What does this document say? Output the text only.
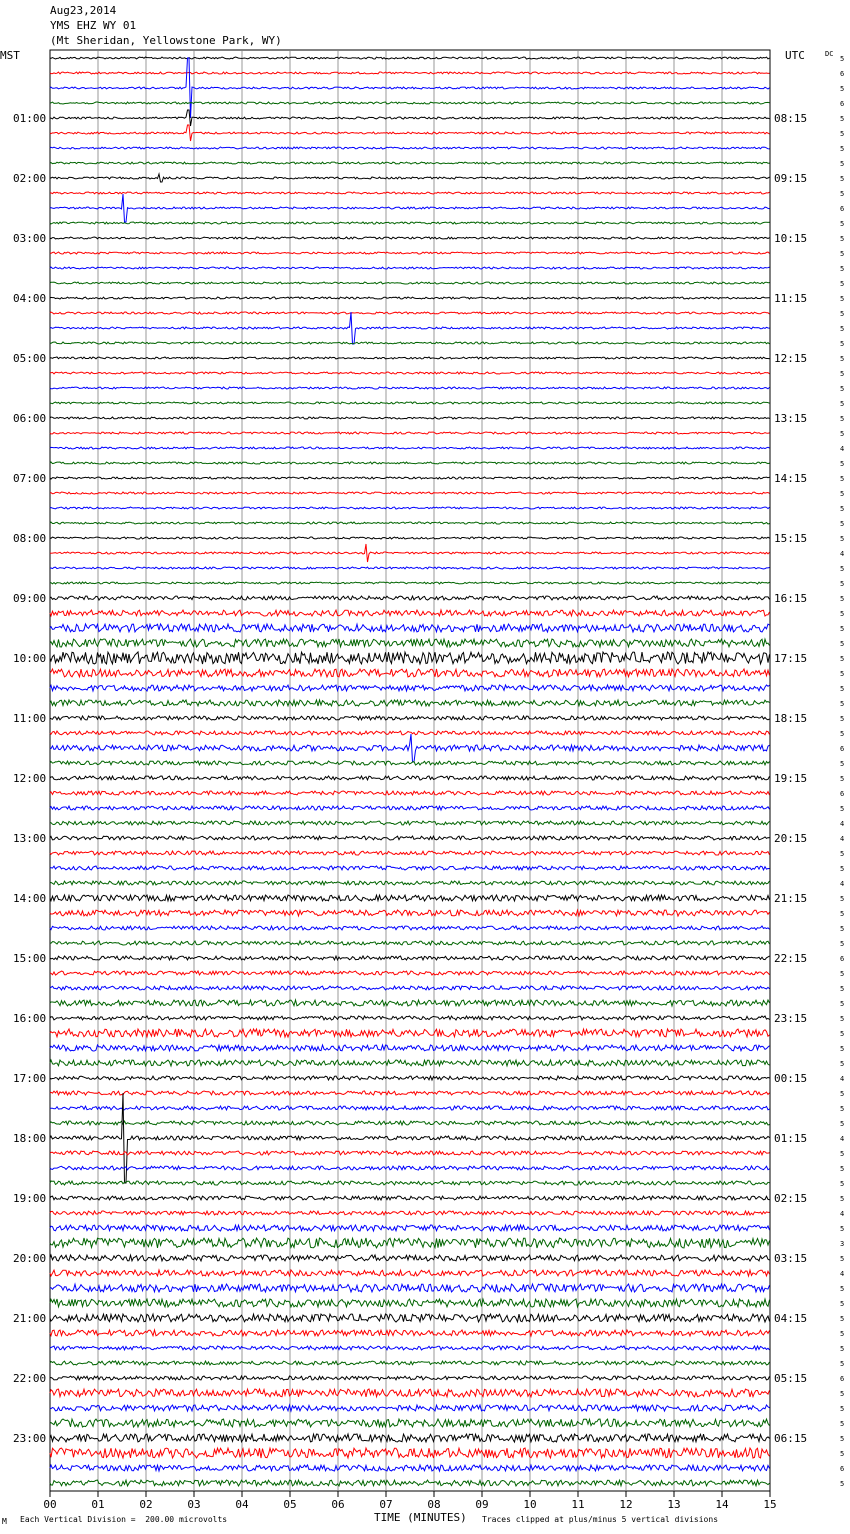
Aug23,2014
YMS EHZ WY 01
(Mt Sheridan, Yellowstone Park, WY)
MST	UTC	DC
00	01	02	03	04	05	06	07	08	09	10	11	12	13	14	15
5
6
5
6
5
5
5
5
5
5
6
5
5
5
5
5
5
5
5
5
5
5
5
5
5
5
4
5
5
5
5
5
5
4
5
5
5
5
5
5
5
5
5
5
5
5
6
5
5
6
5
4
4
5
5
4
5
5
5
5
6
5
5
5
5
5
5
5
4
5
5
5
4
5
5
5
5
4
5
3
5
4
5
5
5
5
5
5
6
5
5
5
5
5
6
5
01:00
02:00
03:00
04:00
05:00
06:00
07:00
08:00
09:00
10:00
11:00
12:00
13:00
14:00
15:00
16:00
17:00
18:00
19:00
20:00
21:00
22:00
23:00
08:15
09:15
10:15
11:15
12:15
13:15
14:15
15:15
16:15
17:15
18:15
19:15
20:15
21:15
22:15
23:15
00:15
01:15
02:15
03:15
04:15
05:15
06:15
M Each Vertical Division =  200.00 microvolts	TIME (MINUTES) Traces clipped at plus/minus 5 vertical divisions
